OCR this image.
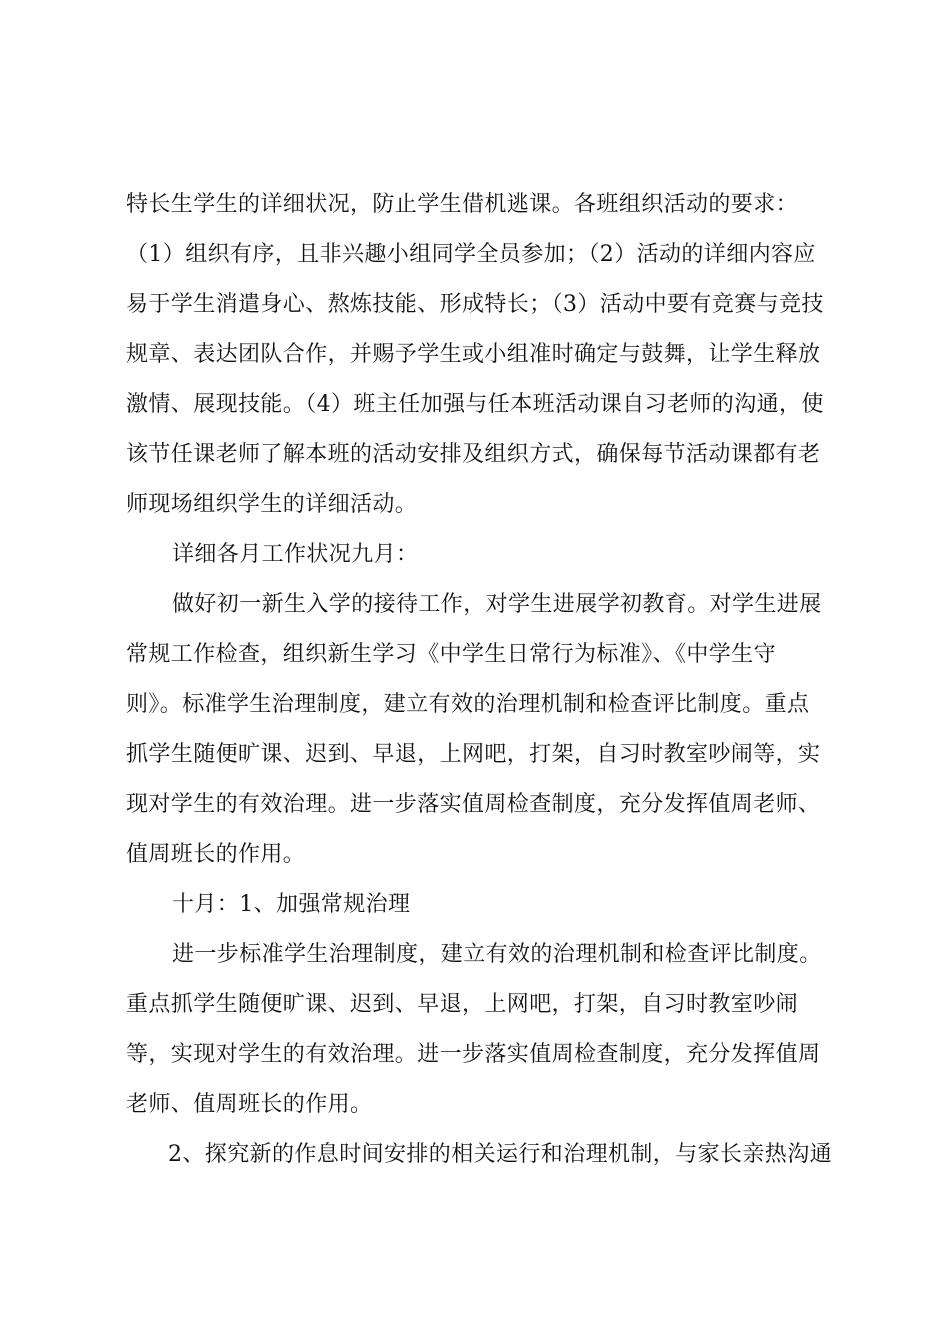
特长生学生的详细状况，防止学生借机逃课。各班组织活动的要求：
（1）组织有序，且非兴趣小组同学全员参加；（2）活动的详细内容应
易于学生消遣身心、熬炼技能、形成特长；（3）活动中要有竞赛与竞技
规章、表达团队合作，并赐予学生或小组准时确定与鼓舞，让学生释放
激情、展现技能。（4）班主任加强与任本班活动课自习老师的沟通，使
该节任课老师了解本班的活动安排及组织方式，确保每节活动课都有老
师现场组织学生的详细活动。
详细各月工作状况九月：
做好初一新生入学的接待工作，对学生进展学初教育。对学生进展
常规工作检查，组织新生学习《中学生日常行为标准》、《中学生守
则》。标准学生治理制度，建立有效的治理机制和检查评比制度。重点
抓学生随便旷课、迟到、早退，上网吧，打架，自习时教室吵闹等，实
现对学生的有效治理。进一步落实值周检查制度，充分发挥值周老师、
值周班长的作用。
十月：1、加强常规治理
进一步标准学生治理制度，建立有效的治理机制和检查评比制度。
重点抓学生随便旷课、迟到、早退，上网吧，打架，自习时教室吵闹
等，实现对学生的有效治理。进一步落实值周检查制度，充分发挥值周
老师、值周班长的作用。
2、探究新的作息时间安排的相关运行和治理机制，与家长亲热沟通
